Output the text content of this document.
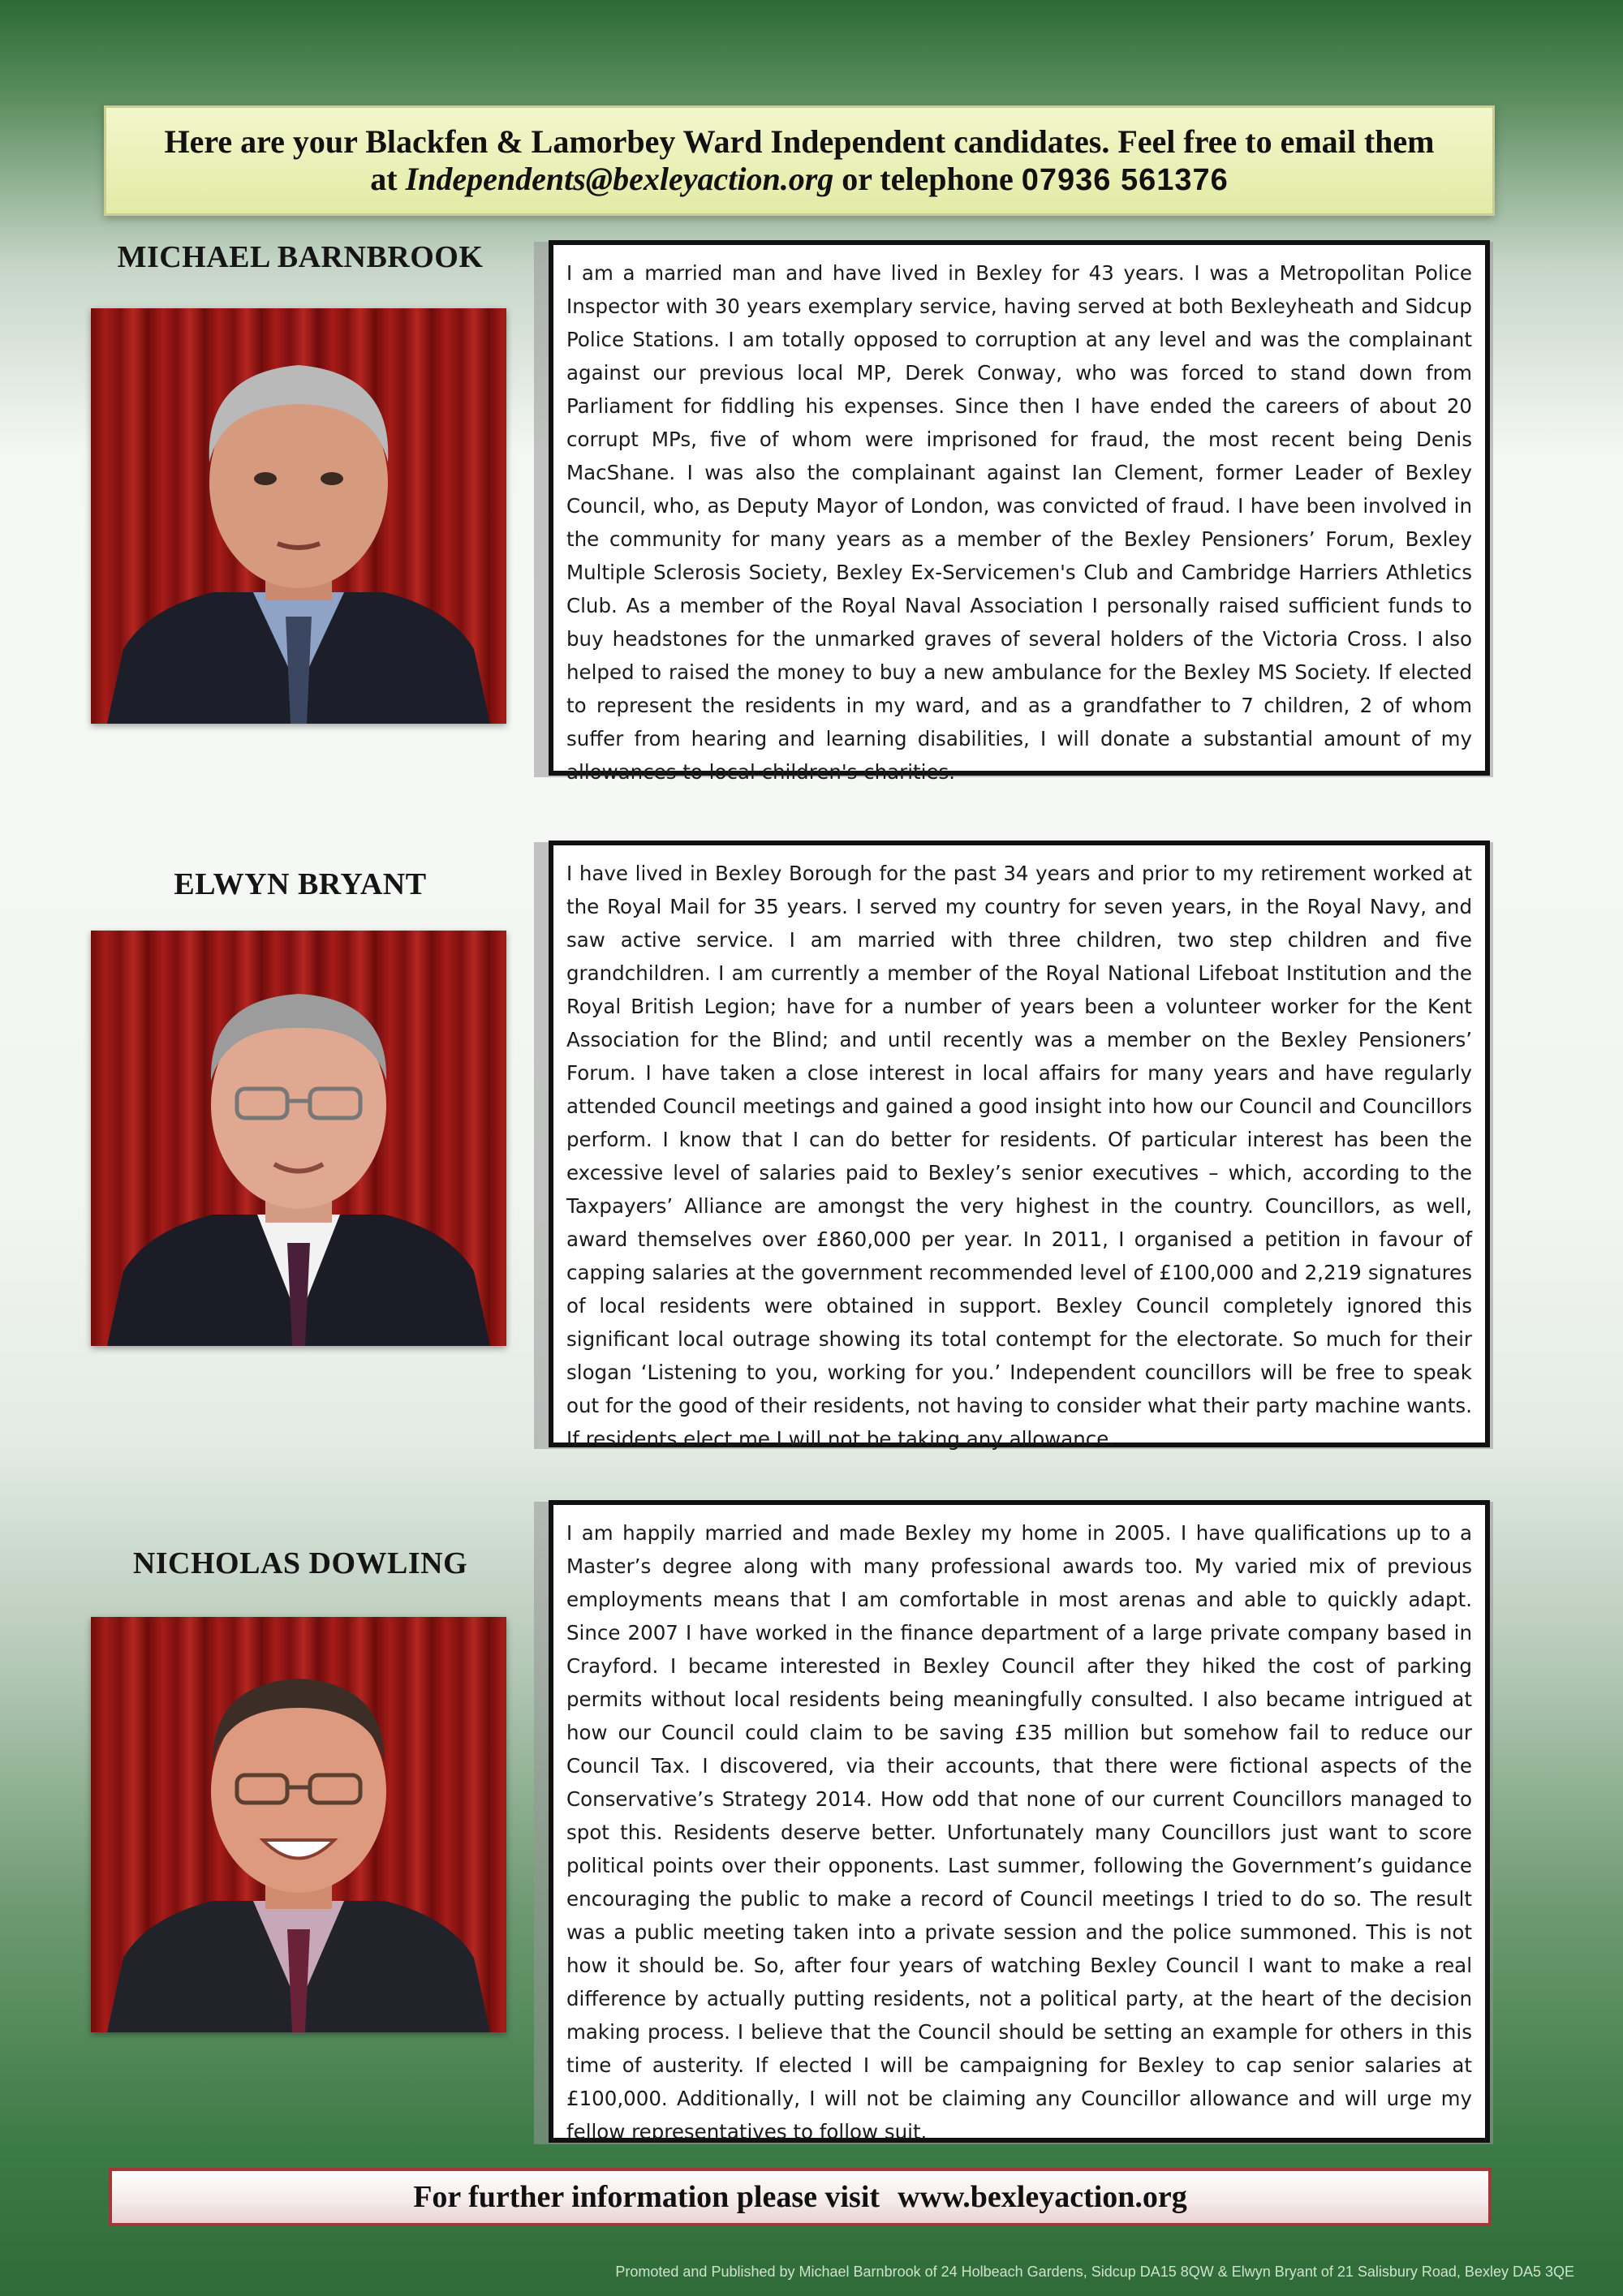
Here are your Blackfen & Lamorbey Ward Independent candidates. Feel free to email them
at Independents@bexleyaction.org or telephone 07936 561376
MICHAEL BARNBROOK	I am a married man and have lived in Bexley for 43 years. I was a Metropolitan Police Inspector with 30 years exemplary service, having served at both Bexleyheath and Sidcup Police Stations. I am totally opposed to corruption at any level and was the complainant against our previous local MP, Derek Conway, who was forced to stand down from Parliament for fiddling his expenses. Since then I have ended the careers of about 20 corrupt MPs, five of whom were imprisoned for fraud, the most recent being Denis MacShane. I was also the complainant against Ian Clement, former Leader of Bexley Council, who, as Deputy Mayor of London, was convicted of fraud. I have been involved in the community for many years as a member of the Bexley Pensioners’ Forum, Bexley Multiple Sclerosis Society, Bexley Ex-Servicemen's Club and Cambridge Harriers Athletics Club. As a member of the Royal Naval Association I personally raised sufficient funds to buy headstones for the unmarked graves of several holders of the Victoria Cross. I also helped to raised the money to buy a new ambulance for the Bexley MS Society. If elected to represent the residents in my ward, and as a grandfather to 7 children, 2 of whom suffer from hearing and learning disabilities, I will donate a substantial amount of my allowances to local children's charities.
ELWYN BRYANT	I have lived in Bexley Borough for the past 34 years and prior to my retirement worked at the Royal Mail for 35 years. I served my country for seven years, in the Royal Navy, and saw active service. I am married with three children, two step children and five grandchildren. I am currently a member of the Royal National Lifeboat Institution and the Royal British Legion; have for a number of years been a volunteer worker for the Kent Association for the Blind; and until recently was a member on the Bexley Pensioners’ Forum. I have taken a close interest in local affairs for many years and have regularly attended Council meetings and gained a good insight into how our Council and Councillors perform. I know that I can do better for residents. Of particular interest has been the excessive level of salaries paid to Bexley’s senior executives – which, according to the Taxpayers’ Alliance are amongst the very highest in the country. Councillors, as well, award themselves over £860,000 per year. In 2011, I organised a petition in favour of capping salaries at the government recommended level of £100,000 and 2,219 signatures of local residents were obtained in support. Bexley Council completely ignored this significant local outrage showing its total contempt for the electorate. So much for their slogan ‘Listening to you, working for you.’ Independent councillors will be free to speak out for the good of their residents, not having to consider what their party machine wants. If residents elect me I will not be taking any allowance.
NICHOLAS DOWLING
I am happily married and made Bexley my home in 2005. I have qualifications up to a Master’s degree along with many professional awards too. My varied mix of previous employments means that I am comfortable in most arenas and able to quickly adapt. Since 2007 I have worked in the finance department of a large private company based in Crayford. I became interested in Bexley Council after they hiked the cost of parking permits without local residents being meaningfully consulted. I also became intrigued at how our Council could claim to be saving £35 million but somehow fail to reduce our Council Tax. I discovered, via their accounts, that there were fictional aspects of the Conservative’s Strategy 2014. How odd that none of our current Councillors managed to spot this. Residents deserve better. Unfortunately many Councillors just want to score political points over their opponents. Last summer, following the Government’s guidance encouraging the public to make a record of Council meetings I tried to do so. The result was a public meeting taken into a private session and the police summoned. This is not how it should be. So, after four years of watching Bexley Council I want to make a real difference by actually putting residents, not a political party, at the heart of the decision making process. I believe that the Council should be setting an example for others in this time of austerity. If elected I will be campaigning for Bexley to cap senior salaries at £100,000. Additionally, I will not be claiming any Councillor allowance and will urge my fellow representatives to follow suit.
For further information please visit www.bexleyaction.org
Promoted and Published by Michael Barnbrook of 24 Holbeach Gardens, Sidcup DA15 8QW & Elwyn Bryant of 21 Salisbury Road, Bexley DA5 3QE
